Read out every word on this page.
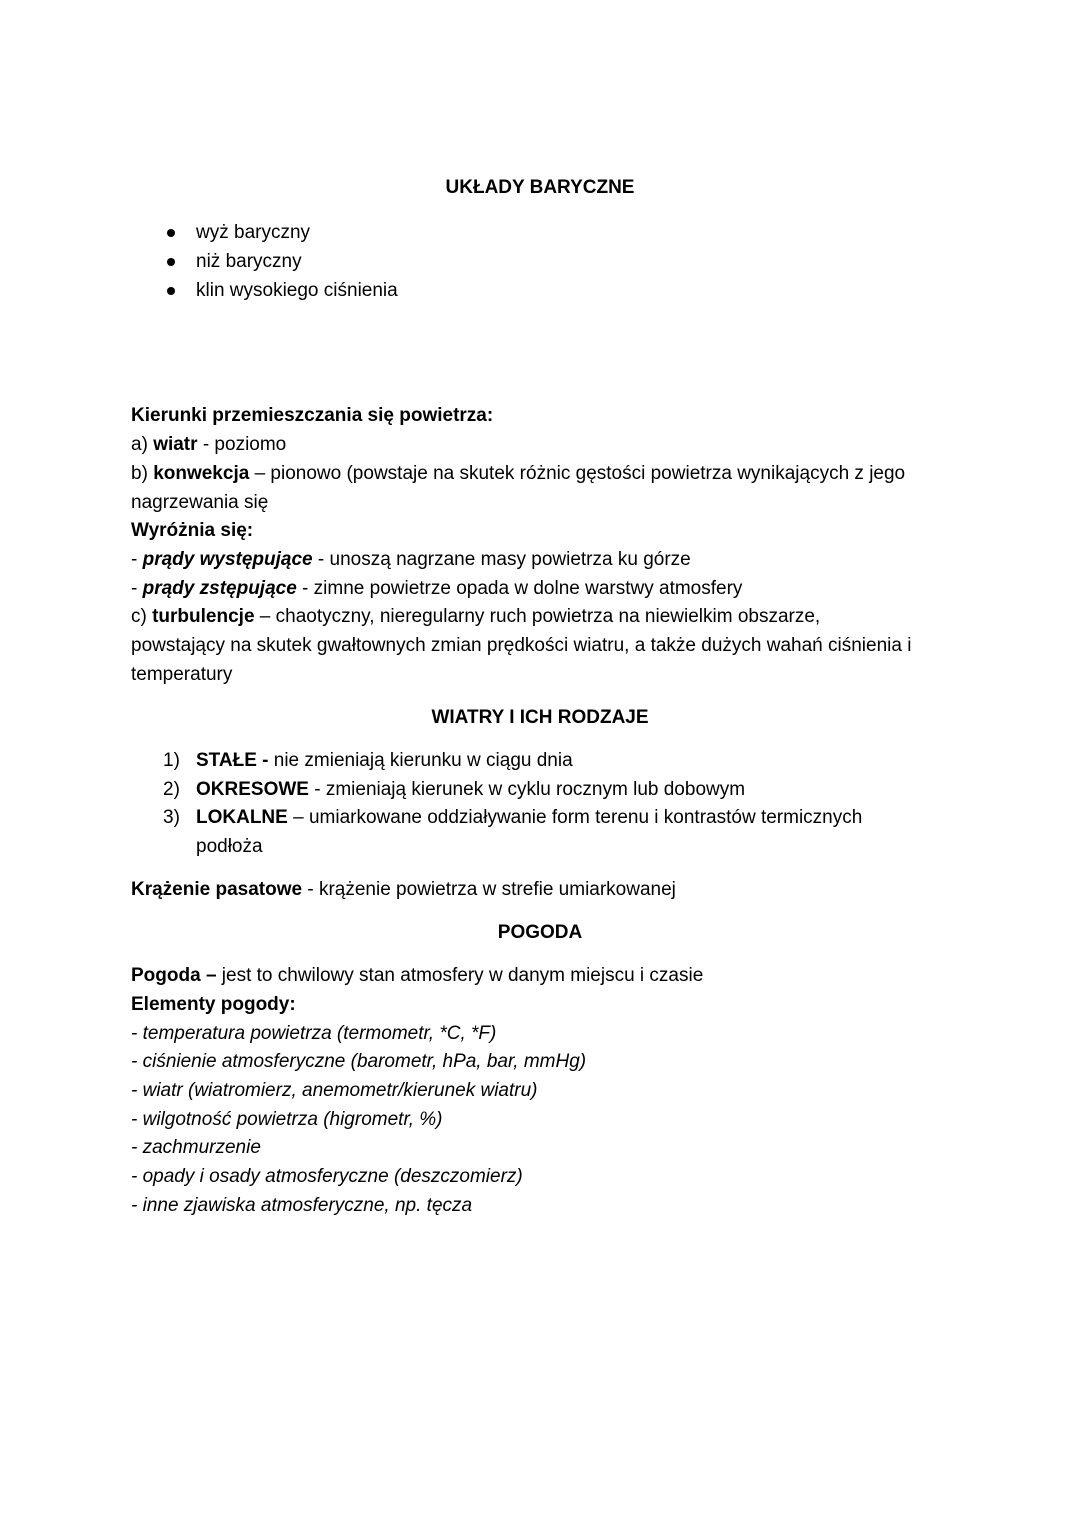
UKŁADY BARYCZNE
wyż baryczny
niż baryczny
klin wysokiego ciśnienia
Kierunki przemieszczania się powietrza:
a) wiatr - poziomo
b) konwekcja – pionowo (powstaje na skutek różnic gęstości powietrza wynikających z jego
nagrzewania się
Wyróżnia się:
- prądy występujące - unoszą nagrzane masy powietrza ku górze
- prądy zstępujące - zimne powietrze opada w dolne warstwy atmosfery
c) turbulencje – chaotyczny, nieregularny ruch powietrza na niewielkim obszarze,
powstający na skutek gwałtownych zmian prędkości wiatru, a także dużych wahań ciśnienia i
temperatury
WIATRY I ICH RODZAJE
1) STAŁE - nie zmieniają kierunku w ciągu dnia
2) OKRESOWE - zmieniają kierunek w cyklu rocznym lub dobowym
3) LOKALNE – umiarkowane oddziaływanie form terenu i kontrastów termicznych
podłoża
Krążenie pasatowe - krążenie powietrza w strefie umiarkowanej
POGODA
Pogoda – jest to chwilowy stan atmosfery w danym miejscu i czasie
Elementy pogody:
- temperatura powietrza (termometr, *C, *F)
- ciśnienie atmosferyczne (barometr, hPa, bar, mmHg)
- wiatr (wiatromierz, anemometr/kierunek wiatru)
- wilgotność powietrza (higrometr, %)
- zachmurzenie
- opady i osady atmosferyczne (deszczomierz)
- inne zjawiska atmosferyczne, np. tęcza
